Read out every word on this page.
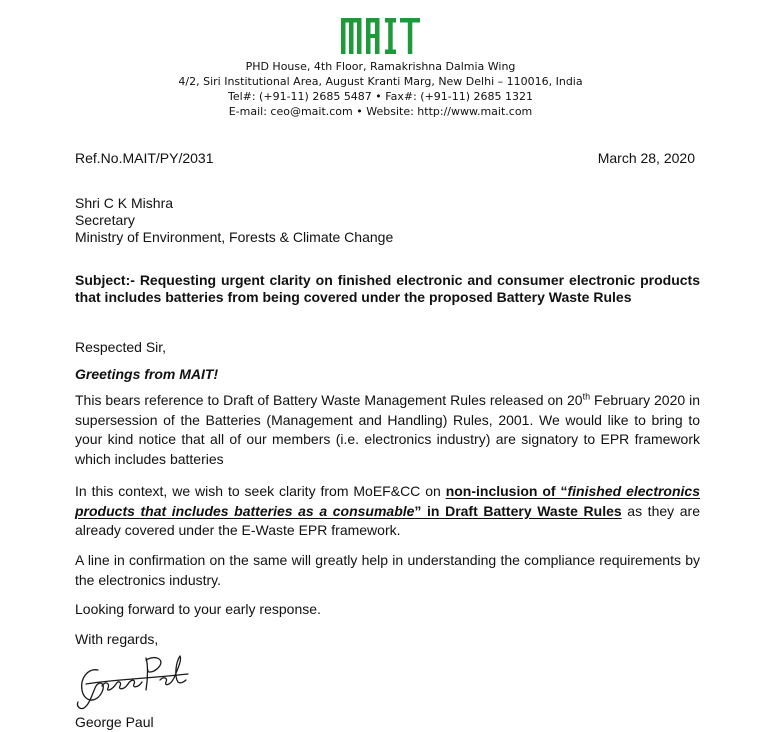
PHD House, 4th Floor, Ramakrishna Dalmia Wing
4/2, Siri Institutional Area, August Kranti Marg, New Delhi – 110016, India
Tel#: (+91-11) 2685 5487 • Fax#: (+91-11) 2685 1321
E-mail: ceo@mait.com • Website: http://www.mait.com
Ref.No.MAIT/PY/2031	March 28, 2020
Shri C K Mishra
Secretary
Ministry of Environment, Forests & Climate Change
Subject:- Requesting urgent clarity on finished electronic and consumer electronic products that includes batteries from being covered under the proposed Battery Waste Rules
Respected Sir,
Greetings from MAIT!
This bears reference to Draft of Battery Waste Management Rules released on 20th February 2020 in supersession of the Batteries (Management and Handling) Rules, 2001. We would like to bring to your kind notice that all of our members (i.e. electronics industry) are signatory to EPR framework which includes batteries
In this context, we wish to seek clarity from MoEF&CC on non-inclusion of “finished electronics products that includes batteries as a consumable” in Draft Battery Waste Rules as they are already covered under the E-Waste EPR framework.
A line in confirmation on the same will greatly help in understanding the compliance requirements by the electronics industry.
Looking forward to your early response.
With regards,
George Paul
